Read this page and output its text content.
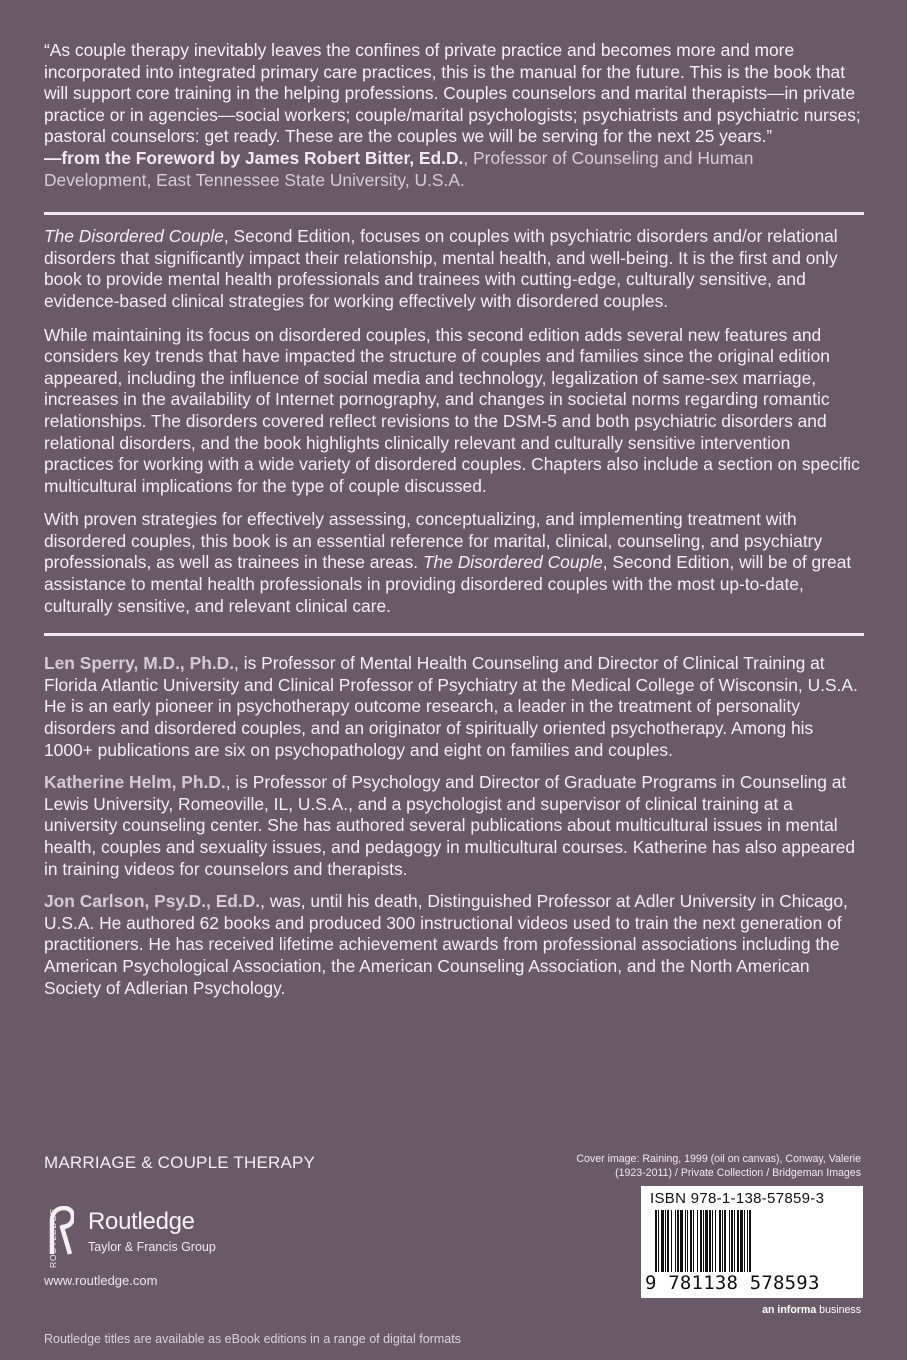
“As couple therapy inevitably leaves the confines of private practice and becomes more and more incorporated into integrated primary care practices, this is the manual for the future. This is the book that will support core training in the helping professions. Couples counselors and marital therapists—in private practice or in agencies—social workers; couple/marital psychologists; psychiatrists and psychiatric nurses; pastoral counselors: get ready. These are the couples we will be serving for the next 25 years.”

—from the Foreword by James Robert Bitter, Ed.D., Professor of Counseling and Human Development, East Tennessee State University, U.S.A.

The Disordered Couple, Second Edition, focuses on couples with psychiatric disorders and/or relational disorders that significantly impact their relationship, mental health, and well-being. It is the first and only book to provide mental health professionals and trainees with cutting-edge, culturally sensitive, and evidence-based clinical strategies for working effectively with disordered couples.

While maintaining its focus on disordered couples, this second edition adds several new features and considers key trends that have impacted the structure of couples and families since the original edition appeared, including the influence of social media and technology, legalization of same-sex marriage, increases in the availability of Internet pornography, and changes in societal norms regarding romantic relationships. The disorders covered reflect revisions to the DSM-5 and both psychiatric disorders and relational disorders, and the book highlights clinically relevant and culturally sensitive intervention practices for working with a wide variety of disordered couples. Chapters also include a section on specific multicultural implications for the type of couple discussed.

With proven strategies for effectively assessing, conceptualizing, and implementing treatment with disordered couples, this book is an essential reference for marital, clinical, counseling, and psychiatry professionals, as well as trainees in these areas. The Disordered Couple, Second Edition, will be of great assistance to mental health professionals in providing disordered couples with the most up-to-date, culturally sensitive, and relevant clinical care.

Len Sperry, M.D., Ph.D., is Professor of Mental Health Counseling and Director of Clinical Training at Florida Atlantic University and Clinical Professor of Psychiatry at the Medical College of Wisconsin, U.S.A. He is an early pioneer in psychotherapy outcome research, a leader in the treatment of personality disorders and disordered couples, and an originator of spiritually oriented psychotherapy. Among his 1000+ publications are six on psychopathology and eight on families and couples.

Katherine Helm, Ph.D., is Professor of Psychology and Director of Graduate Programs in Counseling at Lewis University, Romeoville, IL, U.S.A., and a psychologist and supervisor of clinical training at a university counseling center. She has authored several publications about multicultural issues in mental health, couples and sexuality issues, and pedagogy in multicultural courses. Katherine has also appeared in training videos for counselors and therapists.

Jon Carlson, Psy.D., Ed.D., was, until his death, Distinguished Professor at Adler University in Chicago, U.S.A. He authored 62 books and produced 300 instructional videos used to train the next generation of practitioners. He has received lifetime achievement awards from professional associations including the American Psychological Association, the American Counseling Association, and the North American Society of Adlerian Psychology.

MARRIAGE & COUPLE THERAPY
ROUTLEDGE Routledge
Taylor & Francis Group
www.routledge.com
Routledge titles are available as eBook editions in a range of digital formats
Cover image: Raining, 1999 (oil on canvas), Conway, Valerie
(1923-2011) / Private Collection / Bridgeman Images
ISBN 978-1-138-57859-3
9 781138 578593
an informa business
